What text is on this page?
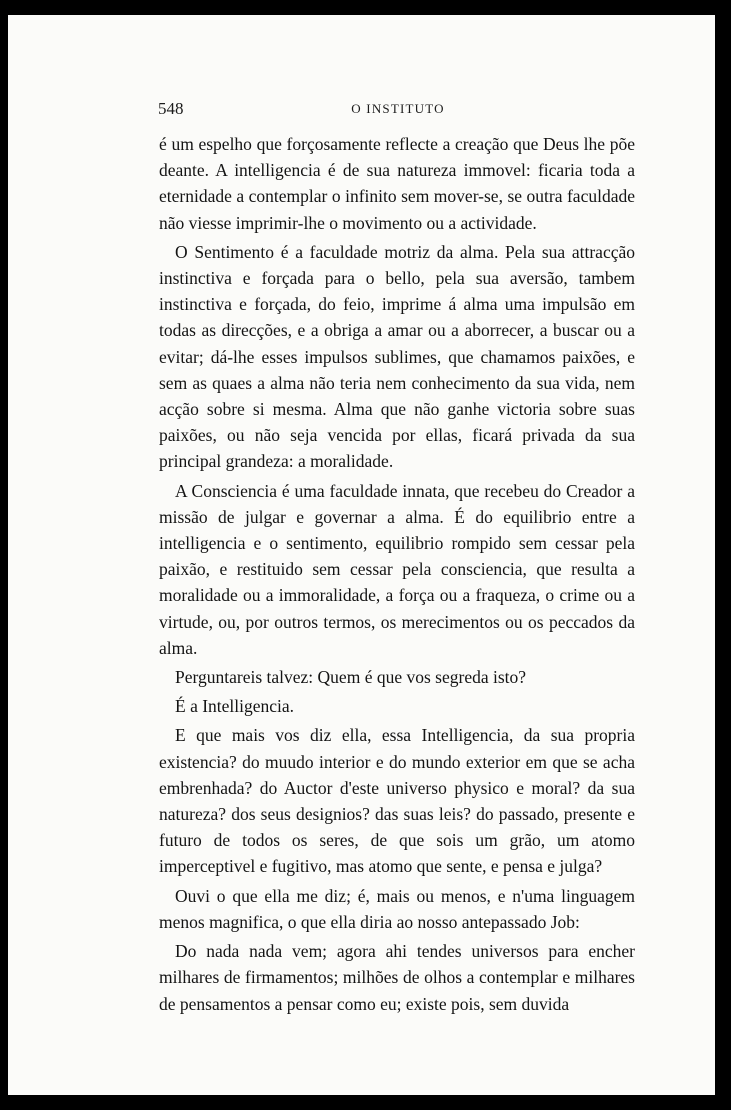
548	O INSTITUTO

é um espelho que forçosamente reflecte a creação que Deus lhe põe deante. A intelligencia é de sua natureza immovel: ficaria toda a eternidade a contemplar o infinito sem mover-se, se outra faculdade não viesse imprimir-lhe o movimento ou a actividade.

O Sentimento é a faculdade motriz da alma. Pela sua attracção instinctiva e forçada para o bello, pela sua aversão, tambem instinctiva e forçada, do feio, imprime á alma uma impulsão em todas as direcções, e a obriga a amar ou a aborrecer, a buscar ou a evitar; dá-lhe esses impulsos sublimes, que chamamos paixões, e sem as quaes a alma não teria nem conhecimento da sua vida, nem acção sobre si mesma. Alma que não ganhe victoria sobre suas paixões, ou não seja vencida por ellas, ficará privada da sua principal grandeza: a moralidade.

A Consciencia é uma faculdade innata, que recebeu do Creador a missão de julgar e governar a alma. É do equilibrio entre a intelligencia e o sentimento, equilibrio rompido sem cessar pela paixão, e restituido sem cessar pela consciencia, que resulta a moralidade ou a immoralidade, a força ou a fraqueza, o crime ou a virtude, ou, por outros termos, os merecimentos ou os peccados da alma.

Perguntareis talvez: Quem é que vos segreda isto?

É a Intelligencia.

E que mais vos diz ella, essa Intelligencia, da sua propria existencia? do muudo interior e do mundo exterior em que se acha embrenhada? do Auctor d'este universo physico e moral? da sua natureza? dos seus designios? das suas leis? do passado, presente e futuro de todos os seres, de que sois um grão, um atomo imperceptivel e fugitivo, mas atomo que sente, e pensa e julga?

Ouvi o que ella me diz; é, mais ou menos, e n'uma linguagem menos magnifica, o que ella diria ao nosso antepassado Job:

Do nada nada vem; agora ahi tendes universos para encher milhares de firmamentos; milhões de olhos a contemplar e milhares de pensamentos a pensar como eu; existe pois, sem duvida
